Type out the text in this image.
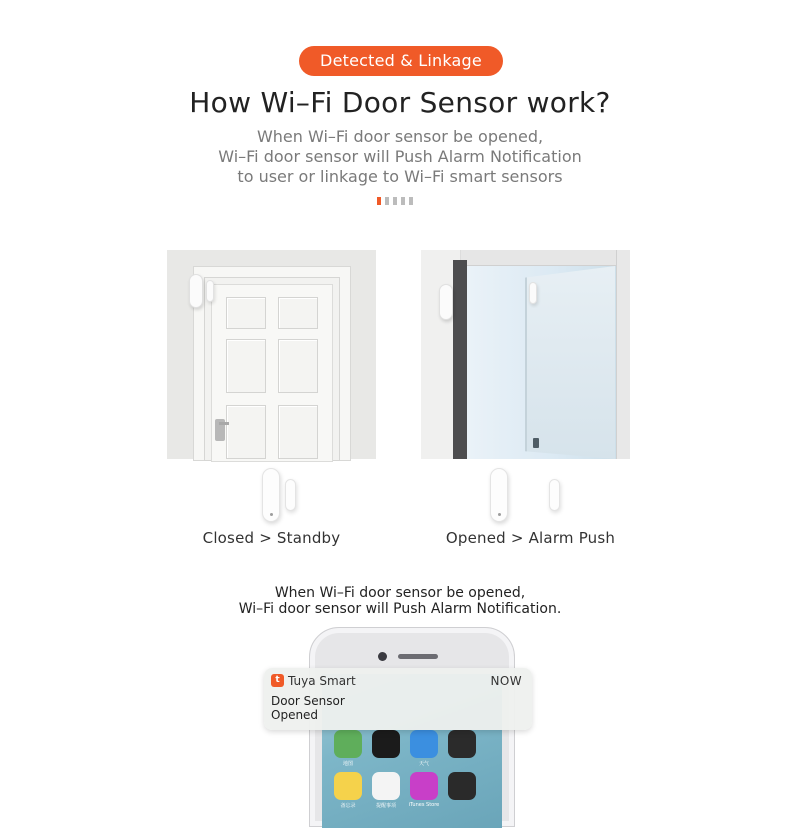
Detected & Linkage
How Wi–Fi Door Sensor work?
When Wi–Fi door sensor be opened,
Wi–Fi door sensor will Push Alarm Notification
to user or linkage to Wi–Fi smart sensors
Closed > Standby	Opened > Alarm Push
When Wi–Fi door sensor be opened,
Wi–Fi door sensor will Push Alarm Notification.
地图	天气
备忘录	提醒事项	iTunes Store
t Tuya Smart	NOW
Door Sensor
Opened
